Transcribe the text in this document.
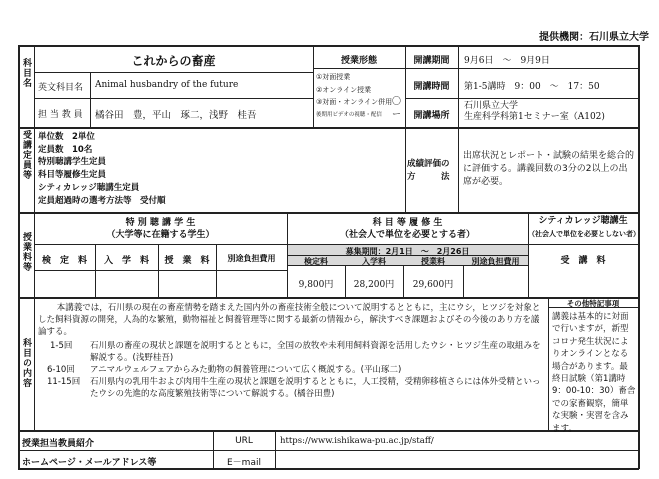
提供機関：石川県立大学
科目名	これからの畜産
英文科目名 Animal husbandry of the future
担 当 教 員 橘谷田　豊，平山　琢二，浅野　桂吾
授業形態
①対面授業
②オンライン授業
③対面・オンライン併用
後期用ビデオの視聴・配信
〇
ー
開講期間	9月6日　～　9月9日
開講時間	第1-5講時　9：00　～　17：50
開講場所
石川県立大学
生産科学科第1セミナー室（A102)
受講定員等 単位数　2単位
定員数　10名
特別聴講学生定員
科目等履修生定員
シティカレッジ聴講生定員
定員超過時の選考方法等　受付順
成績評価の
方　　　法
出席状況とレポート・試験の結果を総合的に評価する。講義回数の3分の2以上の出席が必要。
授業料等
特 別 聴 講 学 生
（大学等に在籍する学生）
検　定　料	入　学　料	授　業　料	別途負担費用
科 目 等 履 修 生
（社会人で単位を必要とする者）
募集期間：2月1日　～　2月26日
検定料	入学料	授業料	別途負担費用
9,800円	28,200円	29,600円
シティカレッジ聴講生
（社会人で単位を必要としない者）
受　講　料
科目の内容
本講義では，石川県の現在の畜産情勢を踏まえた国内外の畜産技術全般について説明するとともに，主にウシ，ヒツジを対象とした飼料資源の開発，人為的な繁殖，動物福祉と飼養管理等に関する最新の情報から，解決すべき課題およびその今後のあり方を議論する。
1-5回	石川県の畜産の現状と課題を説明するとともに，全国の放牧や未利用飼料資源を活用したウシ・ヒツジ生産の取組みを解説する。(浅野桂吾)
6-10回	アニマルウェルフェアからみた動物の飼養管理について広く概説する。(平山琢二)
11-15回	石川県内の乳用牛および肉用牛生産の現状と課題を説明するとともに，人工授精，受精卵移植さらには体外受精といったウシの先進的な高度繁殖技術等について解説する。(橘谷田豊)
その他特記事項
講義は基本的に対面で行いますが，新型コロナ発生状況によりオンラインとなる場合があります。最終日試験（第1講時 9：00-10：30）畜舎での家畜観察，簡単な実験・実習を含みます。
授業担当教員紹介	URL	https://www.ishikawa-pu.ac.jp/staff/
ホームページ・メールアドレス等	E－mail
